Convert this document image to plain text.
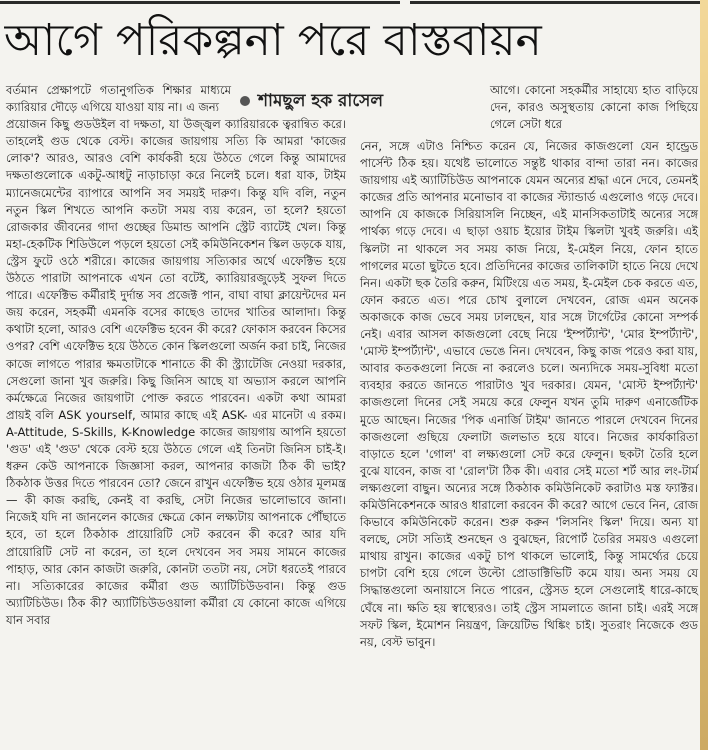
আগে পরিকল্পনা পরে বাস্তবায়ন

বর্তমান প্রেক্ষাপটে গতানুগতিক শিক্ষার মাধ্যমে ক্যারিয়ার দৌড়ে এগিয়ে যাওয়া যায় না। এ জন্য

প্রয়োজন কিছু গুডউইল বা দক্ষতা, যা উজ্জ্বল ক্যারিয়ারকে ত্বরান্বিত করে। তাহলেই গুড থেকে বেস্ট। কাজের জায়গায় সত্যি কি আমরা 'কাজের লোক'? আরও, আরও বেশি কার্যকরী হয়ে উঠতে গেলে কিন্তু আমাদের দক্ষতাগুলোকে একটু-আধটু নাড়াচাড়া করে নিলেই চলে। ধরা যাক, টাইম ম্যানেজমেন্টের ব্যাপারে আপনি সব সময়ই দারুণ। কিন্তু যদি বলি, নতুন নতুন স্কিল শিখতে আপনি কতটা সময় ব্যয় করেন, তা হলে? হয়তো রোজকার জীবনের গাদা গুচ্ছের ডিমান্ড আপনি স্ট্রেট ব্যাটেই খেল। কিন্তু মহা-হেকটিক শিডিউলে পড়লে হয়তো সেই কমিউনিকেশন স্কিল ডড়কে যায়, স্ট্রেস ফুটে ওঠে শরীরে। কাজের জায়গায় সত্যিকার অর্থে এফেক্টিভ হয়ে উঠতে পারাটা আপনাকে এখন তো বটেই, ক্যারিয়ারজুড়েই সুফল দিতে পারে। এফেক্টিভ কর্মীরাই দুর্দান্ত সব প্রজেক্ট পান, বাঘা বাঘা ক্লায়েন্টদের মন জয় করেন, সহকর্মী এমনকি বসের কাছেও তাদের খাতির আলাদা। কিন্তু কথাটা হলো, আরও বেশি এফেক্টিভ হবেন কী করে? ফোকাস করবেন কিসের ওপর? বেশি এফেক্টিভ হয়ে উঠতে কোন স্কিলগুলো অর্জন করা চাই, নিজের কাজে লাগতে পারার ক্ষমতাটাকে শানাতে কী কী স্ট্র্যাটেজি নেওয়া দরকার, সেগুলো জানা খুব জরুরি। কিছু জিনিস আছে যা অভ্যাস করলে আপনি কর্মক্ষেত্রে নিজের জায়গাটা পোক্ত করতে পারবেন। একটা কথা আমরা প্রায়ই বলি ASK yourself, আমার কাছে এই ASK- এর মানেটা এ রকম। A-Attitude, S-Skills, K-Knowledge কাজের জায়গায় আপনি হয়তো 'গুড' এই 'গুড' থেকে বেস্ট হয়ে উঠতে গেলে এই তিনটা জিনিস চাই-ই। ধরুন কেউ আপনাকে জিজ্ঞাসা করল, আপনার কাজটা ঠিক কী ভাই? ঠিকঠাক উত্তর দিতে পারবেন তো? জেনে রাখুন এফেক্টিভ হয়ে ওঠার মূলমন্ত্র— কী কাজ করছি, কেনই বা করছি, সেটা নিজের ভালোভাবে জানা। নিজেই যদি না জানলেন কাজের ক্ষেত্রে কোন লক্ষ্যটায় আপনাকে পৌঁছাতে হবে, তা হলে ঠিকঠাক প্রায়োরিটি সেট করবেন কী করে? আর যদি প্রায়োরিটি সেট না করেন, তা হলে দেখবেন সব সময় সামনে কাজের পাহাড়, আর কোন কাজটা জরুরি, কোনটা ততটা নয়, সেটা ধরতেই পারবে না। সত্যিকারের কাজের কর্মীরা গুড অ্যাটিচিউডবান। কিন্তু গুড অ্যাটিচিউড। ঠিক কী? অ্যাটিচিউডওয়ালা কর্মীরা যে কোনো কাজে এগিয়ে যান সবার

শামছুল হক রাসেল
আগে। কোনো সহকর্মীর সাহায্যে হাত বাড়িয়ে দেন, কারও অসুস্থতায় কোনো কাজ পিছিয়ে গেলে সেটা ধরে

নেন, সঙ্গে এটাও নিশ্চিত করেন যে, নিজের কাজগুলো যেন হান্ড্রেড পার্সেন্ট ঠিক হয়। যথেষ্ট ভালোতে সন্তুষ্ট থাকার বান্দা তারা নন। কাজের জায়গায় এই অ্যাটিচিউড আপনাকে যেমন অন্যের শ্রদ্ধা এনে দেবে, তেমনই কাজের প্রতি আপনার মনোভাব বা কাজের স্ট্যান্ডার্ড এগুলোও গড়ে দেবে। আপনি যে কাজকে সিরিয়াসলি নিচ্ছেন, এই মানসিকতাটাই অন্যের সঙ্গে পার্থক্য গড়ে দেবে। এ ছাড়া ওয়াচ ইয়োর টাইম স্কিলটা খুবই জরুরি। এই স্কিলটা না থাকলে সব সময় কাজ নিয়ে, ই-মেইল নিয়ে, ফোন হাতে পাগলের মতো ছুটতে হবে। প্রতিদিনের কাজের তালিকাটা হাতে নিয়ে দেখে নিন। একটা ছক তৈরি করুন, মিটিংয়ে এত সময়, ই-মেইল চেক করতে এত, ফোন করতে এত। পরে চোখ বুলালে দেখবেন, রোজ এমন অনেক অকাজকে কাজ ভেবে সময় ঢালছেন, যার সঙ্গে টার্গেটের কোনো সম্পর্ক নেই। এবার আসল কাজগুলো বেছে নিয়ে 'ইম্পর্ট্যান্ট', 'মোর ইম্পর্ট্যান্ট', 'মোস্ট ইম্পর্ট্যান্ট', এভাবে ভেঙে নিন। দেখবেন, কিছু কাজ পরেও করা যায়, আবার কতকগুলো নিজে না করলেও চলে। অন্যদিকে সময়-সুবিধা মতো ব্যবহার করতে জানতে পারাটাও খুব দরকার। যেমন, 'মোস্ট ইম্পর্ট্যান্ট' কাজগুলো দিনের সেই সময়ে করে ফেলুন যখন তুমি দারুণ এনার্জেটিক মুডে আছেন। নিজের 'পিক এনার্জি টাইম' জানতে পারলে দেখবেন দিনের কাজগুলো গুছিয়ে ফেলাটা জলভাত হয়ে যাবে। নিজের কার্যকারিতা বাড়াতে হলে 'গোল' বা লক্ষ্যগুলো সেট করে ফেলুন। ছকটা তৈরি হলে বুঝে যাবেন, কাজ বা 'রোল'টা ঠিক কী। এবার সেই মতো শর্ট আর লং-টার্ম লক্ষ্যগুলো বাছুন। অন্যের সঙ্গে ঠিকঠাক কমিউনিকেট করাটাও মস্ত ফ্যাক্টর। কমিউনিকেশনকে আরও ধারালো করবেন কী করে? আগে ভেবে নিন, রোজ কিভাবে কমিউনিকেট করেন। শুরু করুন 'লিসনিং স্কিল' দিয়ে। অন্য যা বলছে, সেটা সত্যিই শুনছেন ও বুঝছেন, রিপোর্ট তৈরির সময়ও এগুলো মাথায় রাখুন। কাজের একটু চাপ থাকলে ভালোই, কিন্তু সামর্থ্যের চেয়ে চাপটা বেশি হয়ে গেলে উল্টো প্রোডাক্টিভিটি কমে যায়। অন্য সময় যে সিদ্ধান্তগুলো অনায়াসে নিতে পারেন, স্ট্রেসড হলে সেগুলোই ধারে-কাছে ঘেঁষে না। ক্ষতি হয় স্বাস্থ্যেরও। তাই স্ট্রেস সামলাতে জানা চাই। এরই সঙ্গে সফট স্কিল, ইমোশন নিয়ন্ত্রণ, ক্রিয়েটিভ থিঙ্কিং চাই। সুতরাং নিজেকে গুড নয়, বেস্ট ভাবুন।
